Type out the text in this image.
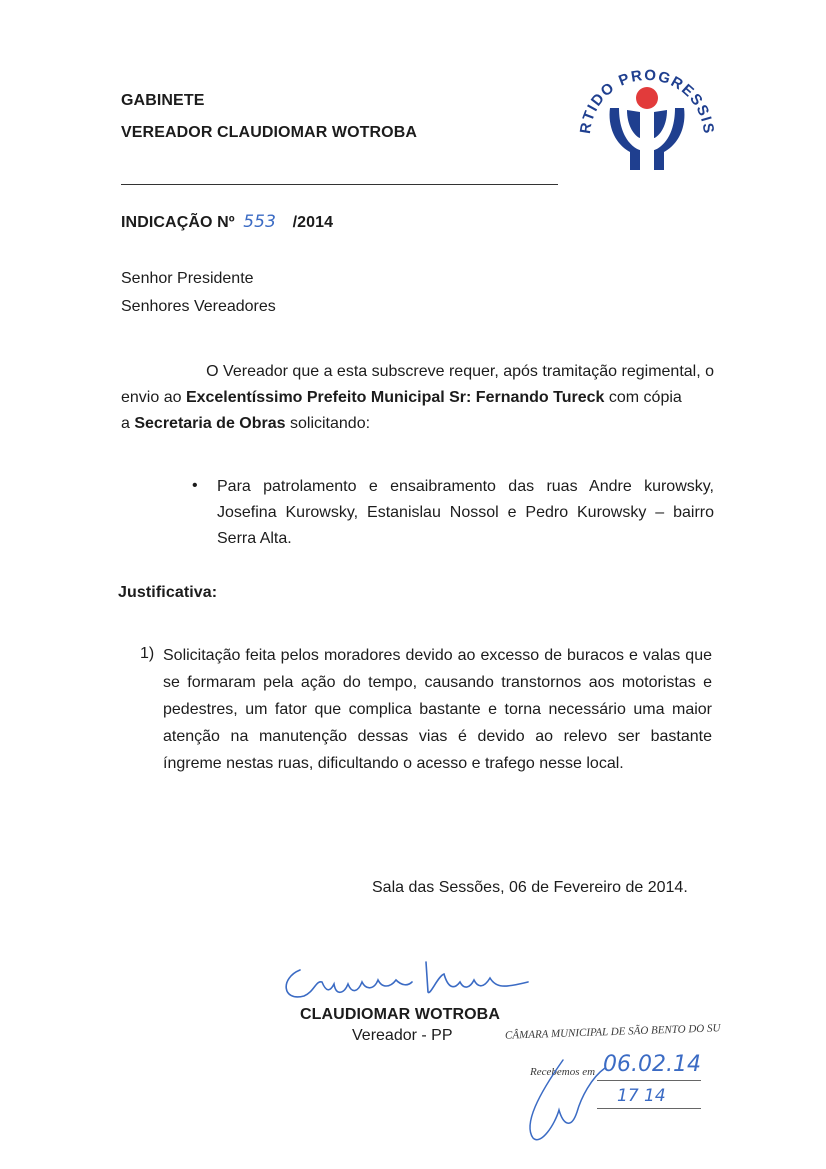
RTIDO PROGRESSIS
GABINETE
VEREADOR CLAUDIOMAR WOTROBA
INDICAÇÃO Nº 553 /2014
Senhor Presidente
Senhores Vereadores
O Vereador que a esta subscreve requer, após tramitação regimental, o
envio ao Excelentíssimo Prefeito Municipal Sr: Fernando Tureck com cópia
a Secretaria de Obras solicitando:
• Para patrolamento e ensaibramento das ruas Andre kurowsky, Josefina Kurowsky, Estanislau Nossol e Pedro Kurowsky – bairro Serra Alta.
Justificativa:
1) Solicitação feita pelos moradores devido ao excesso de buracos e valas que se formaram pela ação do tempo, causando transtornos aos motoristas e pedestres, um fator que complica bastante e torna necessário uma maior atenção na manutenção dessas vias é devido ao relevo ser bastante íngreme nestas ruas, dificultando o acesso e trafego nesse local.
Sala das Sessões, 06 de Fevereiro de 2014.
CLAUDIOMAR WOTROBA
Vereador - PP	CÂMARA MUNICIPAL DE SÃO BENTO DO SU
Recebemos em 06.02.14
17 14
